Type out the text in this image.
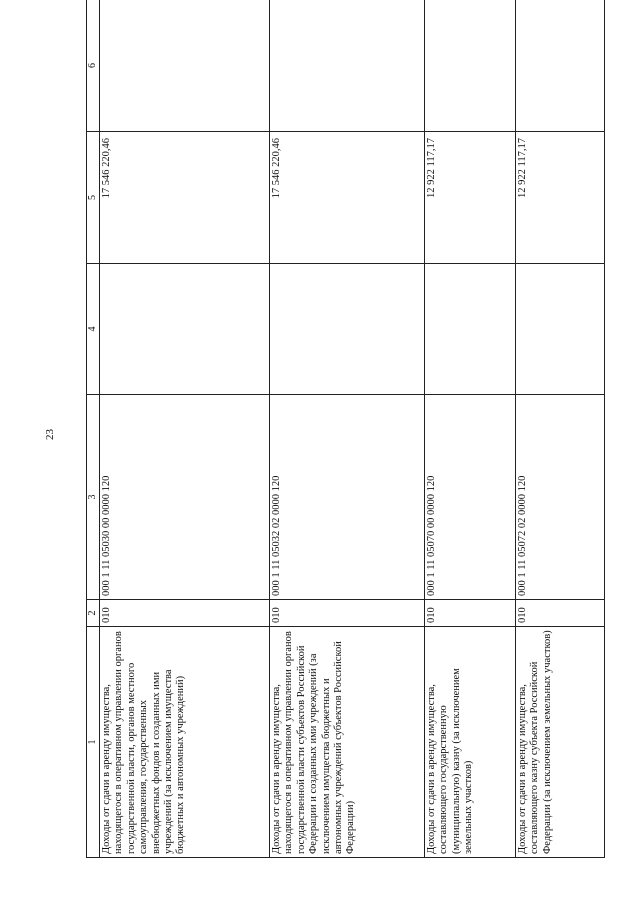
23
1	2	3	4	5	6
Доходы от сдачи в аренду имущества, находящегося в оперативном управлении органов государственной власти, органов местного самоуправления, государственных внебюджетных фондов и созданных ими учреждений (за исключением имущества бюджетных и автономных учреждений)	010	000 1 11 05030 00 0000 120		17 546 220,46	
Доходы от сдачи в аренду имущества, находящегося в оперативном управлении органов государственной власти субъектов Российской Федерации и созданных ими учреждений (за исключением имущества бюджетных и автономных учреждений субъектов Российской Федерации)	010	000 1 11 05032 02 0000 120		17 546 220,46	
Доходы от сдачи в аренду имущества, составляющего государственную (муниципальную) казну (за исключением земельных участков)	010	000 1 11 05070 00 0000 120		12 922 117,17	
Доходы от сдачи в аренду имущества, составляющего казну субъекта Российской Федерации (за исключением земельных участков)	010	000 1 11 05072 02 0000 120		12 922 117,17	
